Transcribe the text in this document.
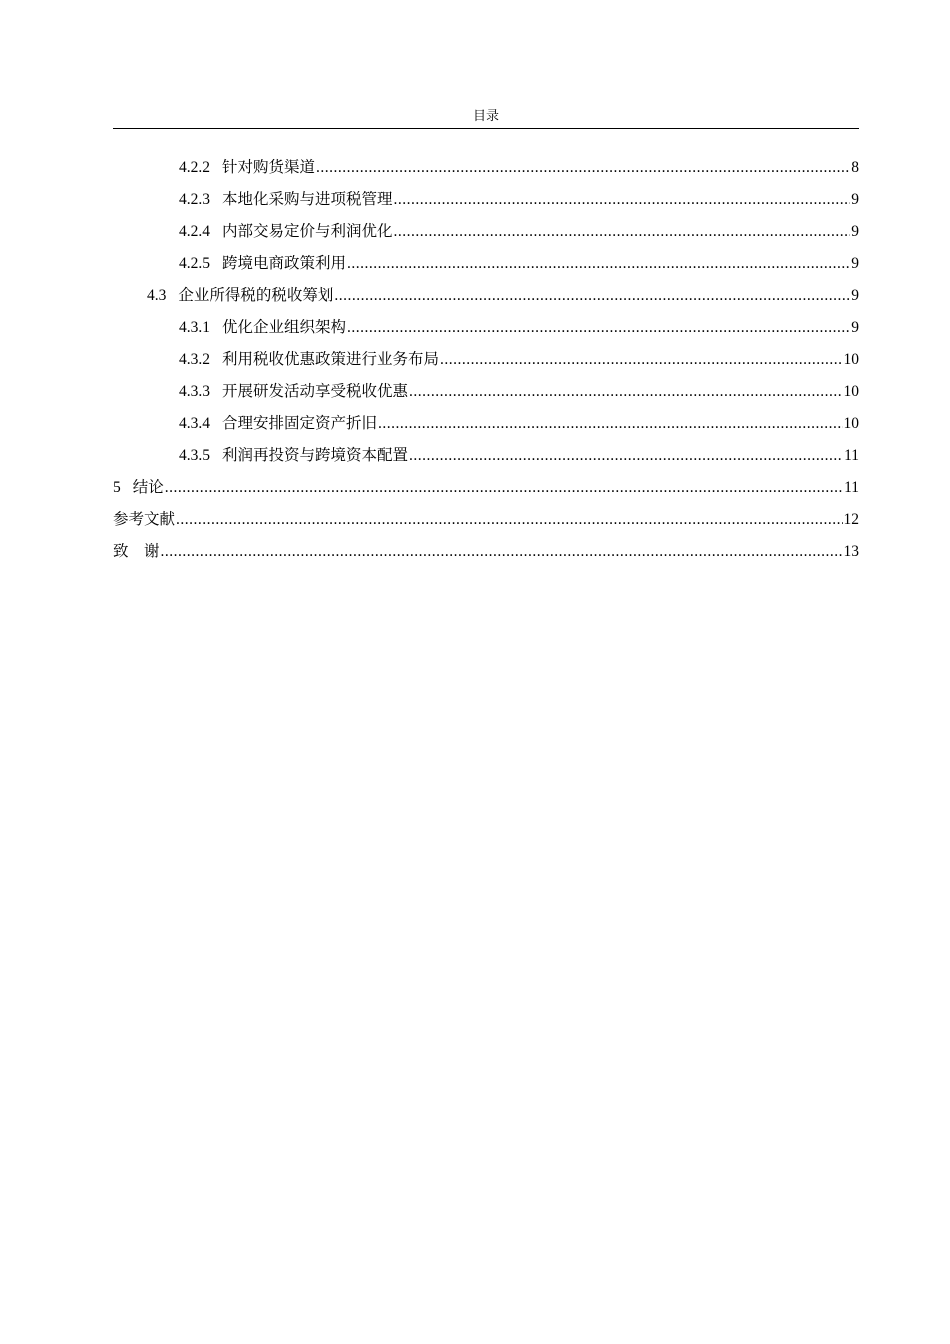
目录
4.2.2 针对购货渠道 .....	8
4.2.3 本地化采购与进项税管理 .....	9
4.2.4 内部交易定价与利润优化 .....	9
4.2.5 跨境电商政策利用 .....	9
4.3 企业所得税的税收筹划 .....	9
4.3.1 优化企业组织架构 .....	9
4.3.2 利用税收优惠政策进行业务布局 .....	10
4.3.3 开展研发活动享受税收优惠 .....	10
4.3.4 合理安排固定资产折旧 .....	10
4.3.5 利润再投资与跨境资本配置 .....	11
5 结论 .....	11
参考文献 .....	12
致　谢 .....	13
